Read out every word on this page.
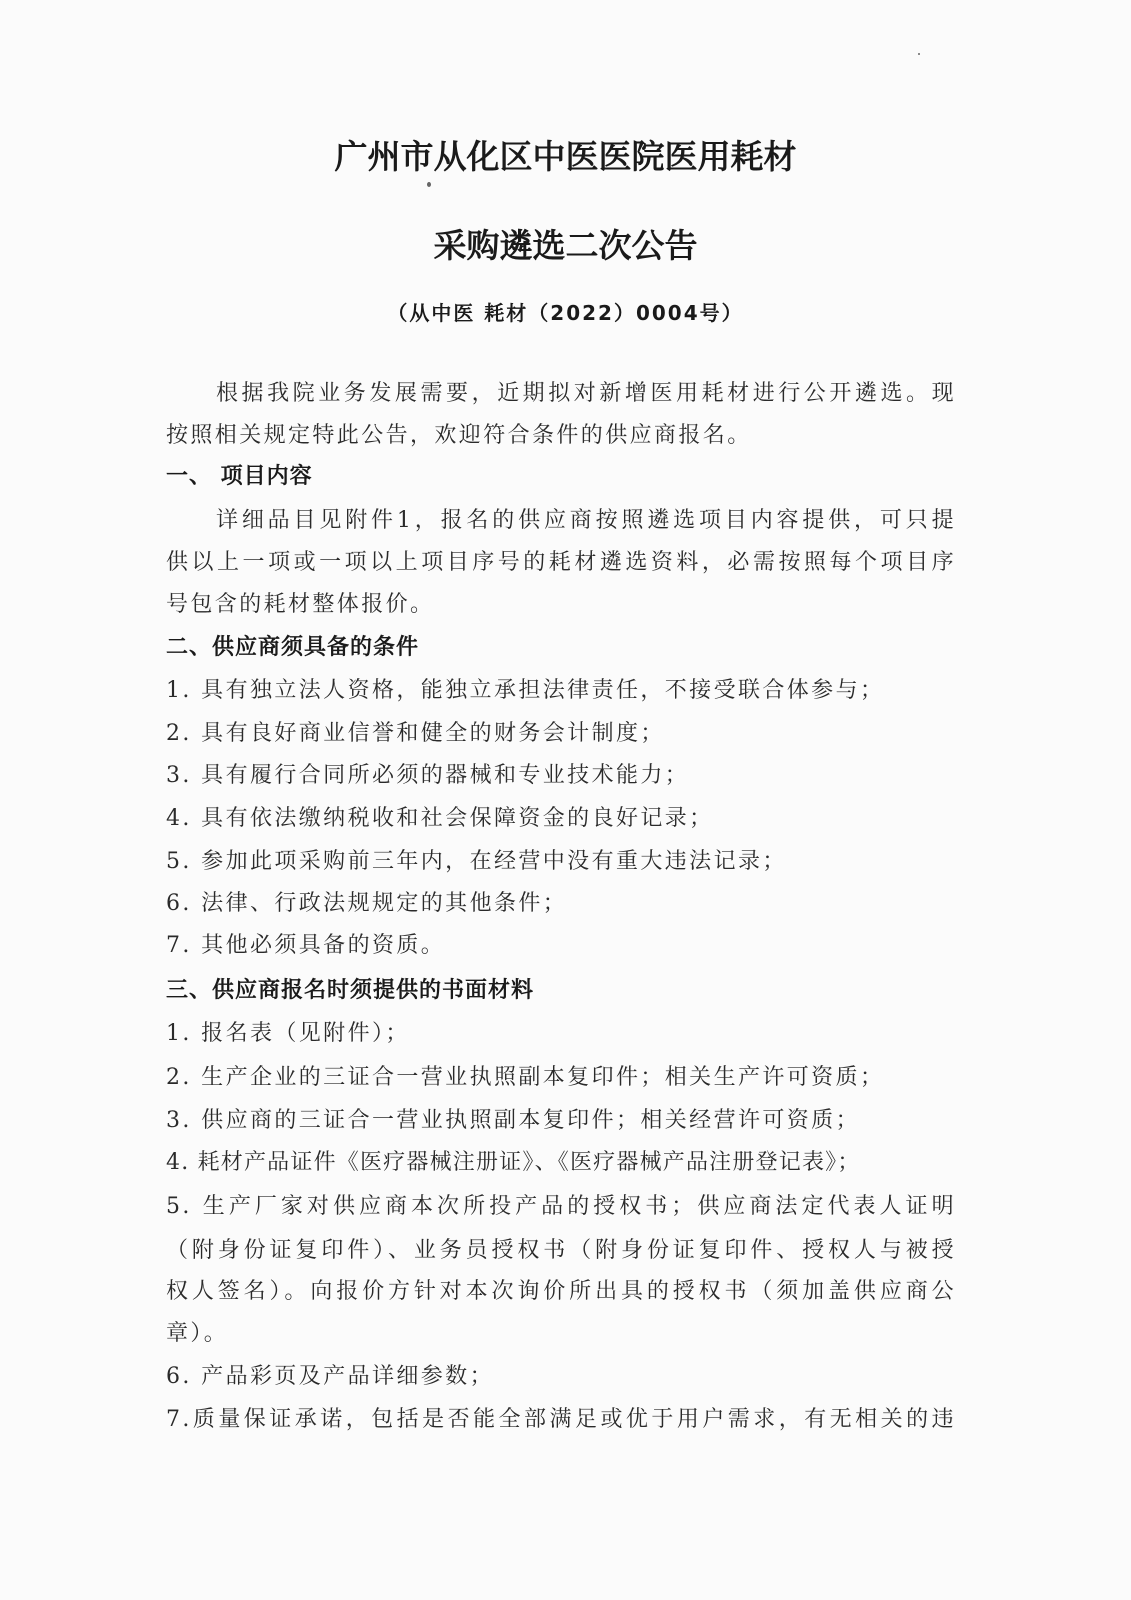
广州市从化区中医医院医用耗材
采购遴选二次公告
（从中医 耗材（2022）0004号）
根据我院业务发展需要，近期拟对新增医用耗材进行公开遴选。现
按照相关规定特此公告，欢迎符合条件的供应商报名。
一、 项目内容
详细品目见附件1，报名的供应商按照遴选项目内容提供，可只提
供以上一项或一项以上项目序号的耗材遴选资料，必需按照每个项目序
号包含的耗材整体报价。
二、供应商须具备的条件
1. 具有独立法人资格，能独立承担法律责任，不接受联合体参与；
2. 具有良好商业信誉和健全的财务会计制度；
3. 具有履行合同所必须的器械和专业技术能力；
4. 具有依法缴纳税收和社会保障资金的良好记录；
5. 参加此项采购前三年内，在经营中没有重大违法记录；
6. 法律、行政法规规定的其他条件；
7. 其他必须具备的资质。
三、供应商报名时须提供的书面材料
1. 报名表（见附件）；
2. 生产企业的三证合一营业执照副本复印件；相关生产许可资质；
3. 供应商的三证合一营业执照副本复印件；相关经营许可资质；
4. 耗材产品证件《医疗器械注册证》、《医疗器械产品注册登记表》；
5. 生产厂家对供应商本次所投产品的授权书；供应商法定代表人证明
（附身份证复印件）、业务员授权书（附身份证复印件、授权人与被授
权人签名）。向报价方针对本次询价所出具的授权书（须加盖供应商公
章）。
6. 产品彩页及产品详细参数；
7.质量保证承诺，包括是否能全部满足或优于用户需求，有无相关的违
